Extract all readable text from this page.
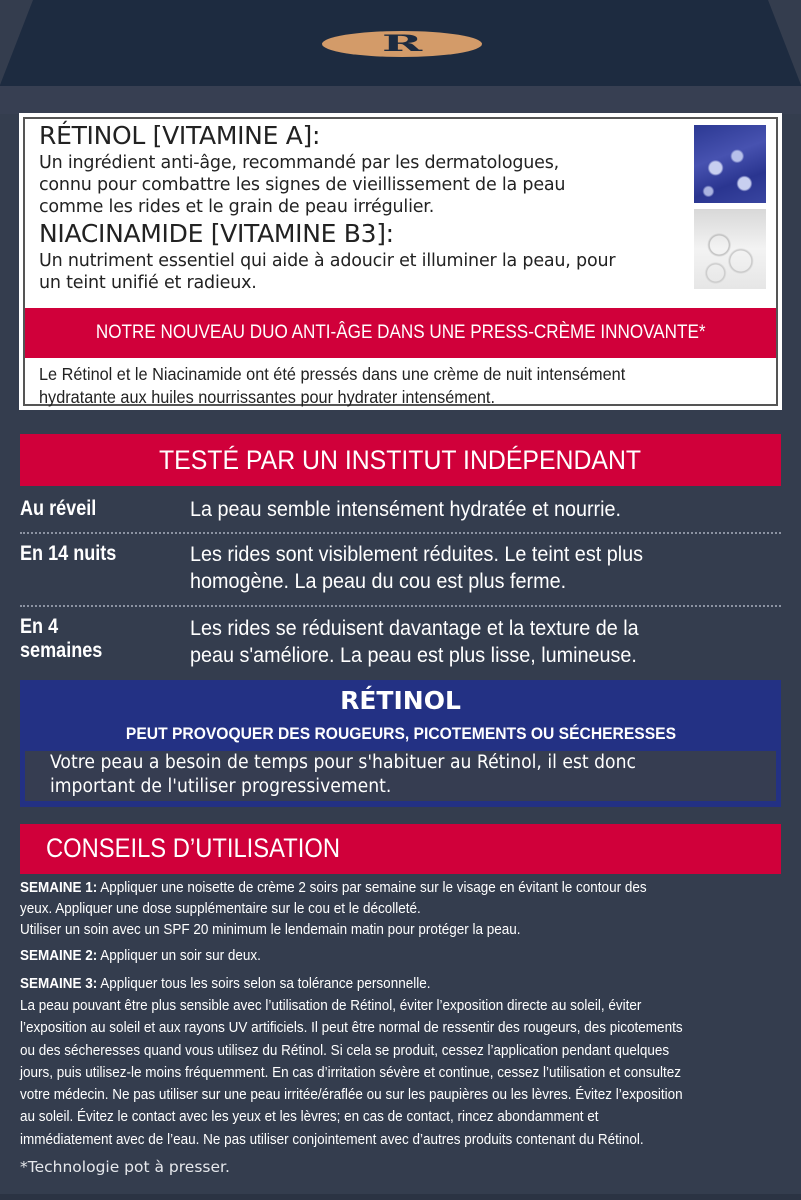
R
RÉTINOL [VITAMINE A]:
Un ingrédient anti-âge, recommandé par les dermatologues,
connu pour combattre les signes de vieillissement de la peau
comme les rides et le grain de peau irrégulier.
NIACINAMIDE [VITAMINE B3]:
Un nutriment essentiel qui aide à adoucir et illuminer la peau, pour
un teint unifié et radieux.
NOTRE NOUVEAU DUO ANTI-ÂGE DANS UNE PRESS-CRÈME INNOVANTE*
Le Rétinol et le Niacinamide ont été pressés dans une crème de nuit intensément
hydratante aux huiles nourrissantes pour hydrater intensément.
TESTÉ PAR UN INSTITUT INDÉPENDANT
Au réveil	La peau semble intensément hydratée et nourrie.
En 14 nuits	Les rides sont visiblement réduites. Le teint est plus
homogène. La peau du cou est plus ferme.
En 4
semaines
Les rides se réduisent davantage et la texture de la
peau s'améliore. La peau est plus lisse, lumineuse.
RÉTINOL
PEUT PROVOQUER DES ROUGEURS, PICOTEMENTS OU SÉCHERESSES
Votre peau a besoin de temps pour s'habituer au Rétinol, il est donc
important de l'utiliser progressivement.
CONSEILS D’UTILISATION
SEMAINE 1: Appliquer une noisette de crème 2 soirs par semaine sur le visage en évitant le contour des
yeux. Appliquer une dose supplémentaire sur le cou et le décolleté.
Utiliser un soin avec un SPF 20 minimum le lendemain matin pour protéger la peau.
SEMAINE 2: Appliquer un soir sur deux.
SEMAINE 3: Appliquer tous les soirs selon sa tolérance personnelle.
La peau pouvant être plus sensible avec l’utilisation de Rétinol, éviter l’exposition directe au soleil, éviter
l’exposition au soleil et aux rayons UV artificiels. Il peut être normal de ressentir des rougeurs, des picotements
ou des sécheresses quand vous utilisez du Rétinol. Si cela se produit, cessez l’application pendant quelques
jours, puis utilisez-le moins fréquemment. En cas d’irritation sévère et continue, cessez l’utilisation et consultez
votre médecin. Ne pas utiliser sur une peau irritée/éraflée ou sur les paupières ou les lèvres. Évitez l’exposition
au soleil. Évitez le contact avec les yeux et les lèvres; en cas de contact, rincez abondamment et
immédiatement avec de l’eau. Ne pas utiliser conjointement avec d’autres produits contenant du Rétinol.
*Technologie pot à presser.
